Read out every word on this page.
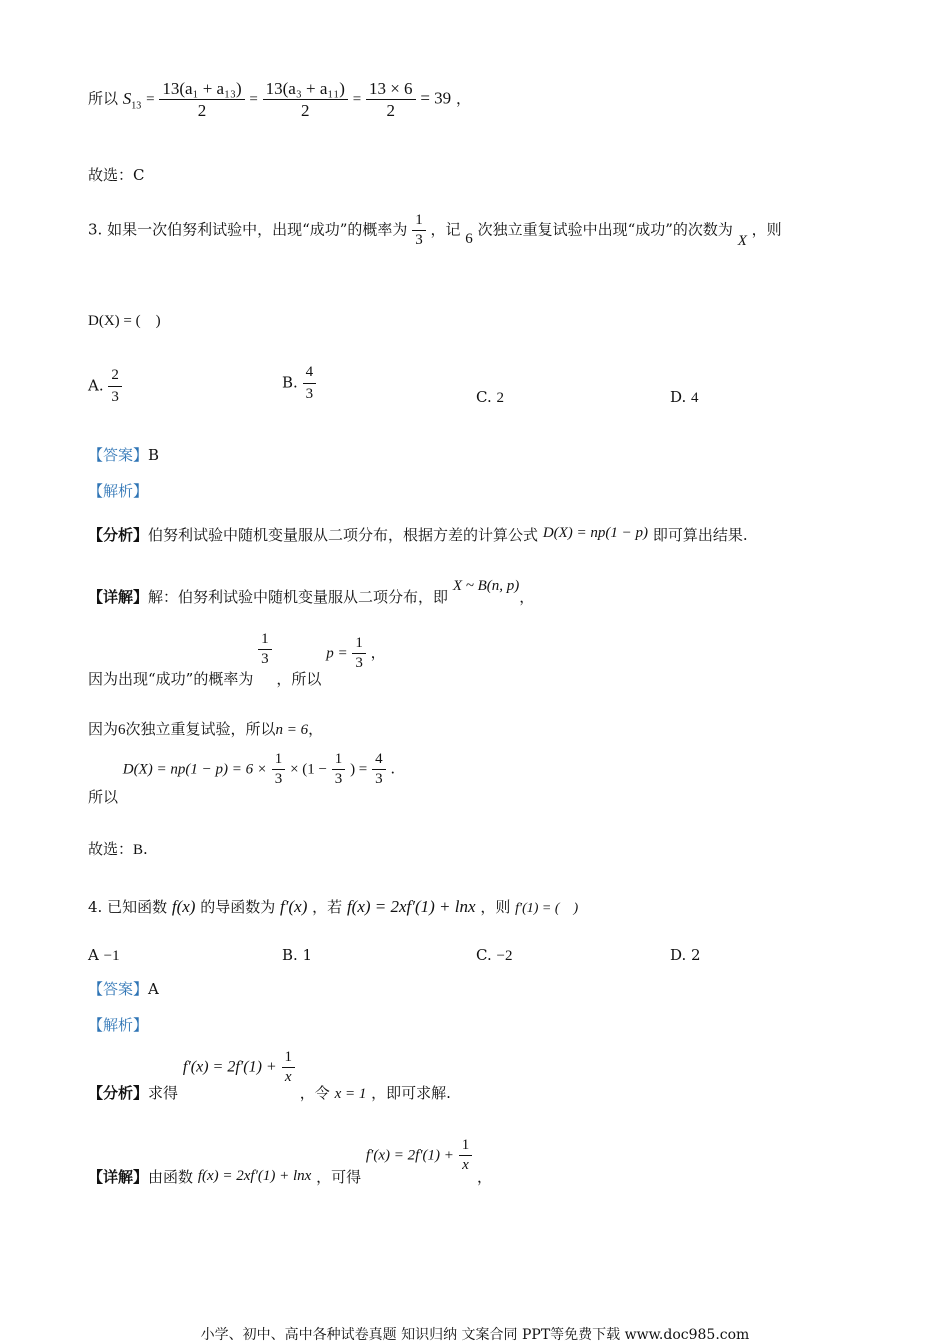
所以 $S_{13} = \frac{\text{13(a₁ + a₁₃)}}{2} = \frac{\text{13(a₃ + a₁₁)}}{2} = \frac{13 \times 6}{2} = 39$ ，
故选：C
3. 如果一次伯努利试验中，出现“成功”的概率为 $\frac{1}{3}$ ，记 6 次独立重复试验中出现“成功”的次数为 X ，则
D(X) = (　)
A. $\frac{2}{3}$	B. $\frac{4}{3}$	C. 2	D. 4
【答案】B
【解析】
【分析】伯努利试验中随机变量服从二项分布，根据方差的计算公式 D(X) = np(1 − p) 即可算出结果.
【详解】解：伯努利试验中随机变量服从二项分布，即 X ~ B(n, p)，
因为出现“成功”的概率为
$\frac{1}{3}$
，所以 $p = \frac{1}{3}$ ，
因为6次独立重复试验，所以n = 6，
所以 $D(X) = np(1 - p) = 6 \times \frac{1}{3} \times (1 - \frac{1}{3}$ ) = $\frac{4}{3}$ .
故选：B.
4. 已知函数 f(x) 的导函数为 f′(x) ，若 f(x) = 2xf′(1) + lnx ，则 f′(1) = (　)
A −1	B. 1	C. −2	D. 2
【答案】A
【解析】
【分析】求得 $f'(x) = 2f'(1) + \frac{1}{x}$
，令 x = 1 ，即可求解.
【详解】由函数 f(x) = 2xf′(1) + lnx ，可得 $f'(x) = 2f'(1) + \frac{1}{x}$
，
小学、初中、高中各种试卷真题 知识归纳 文案合同 PPT等免费下载 www.doc985.com
